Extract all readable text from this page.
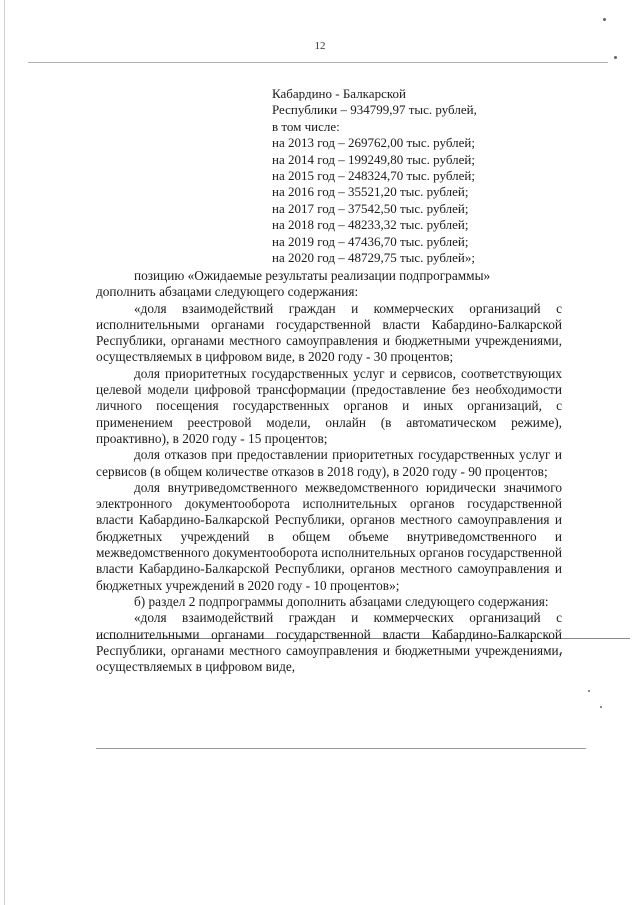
12
Кабардино - Балкарской
Республики – 934799,97 тыс. рублей,
в том числе:
на 2013 год – 269762,00 тыс. рублей;
на 2014 год – 199249,80 тыс. рублей;
на 2015 год – 248324,70 тыс. рублей;
на 2016 год – 35521,20 тыс. рублей;
на 2017 год – 37542,50 тыс. рублей;
на 2018 год – 48233,32 тыс. рублей;
на 2019 год – 47436,70 тыс. рублей;
на 2020 год – 48729,75 тыс. рублей»;

позицию «Ожидаемые результаты реализации подпрограммы»

дополнить абзацами следующего содержания:

«доля взаимодействий граждан и коммерческих организаций с исполнительными органами государственной власти Кабардино-Балкарской Республики, органами местного самоуправления и бюджетными учреждениями, осуществляемых в цифровом виде, в 2020 году - 30 процентов;

доля приоритетных государственных услуг и сервисов, соответствующих целевой модели цифровой трансформации (предоставление без необходимости личного посещения государственных органов и иных организаций, с применением реестровой модели, онлайн (в автоматическом режиме), проактивно), в 2020 году - 15 процентов;

доля отказов при предоставлении приоритетных государственных услуг и сервисов (в общем количестве отказов в 2018 году), в 2020 году - 90 процентов;

доля внутриведомственного межведомственного юридически значимого электронного документооборота исполнительных органов государственной власти Кабардино-Балкарской Республики, органов местного самоуправления и бюджетных учреждений в общем объеме внутриведомственного и межведомственного документооборота исполнительных органов государственной власти Кабардино-Балкарской Республики, органов местного самоуправления и бюджетных учреждений в 2020 году - 10 процентов»;

б) раздел 2 подпрограммы дополнить абзацами следующего содержания:

«доля взаимодействий граждан и коммерческих организаций с исполнительными органами государственной власти Кабардино-Балкарской Республики, органами местного самоуправления и бюджетными учреждениями, осуществляемых в цифровом виде,
